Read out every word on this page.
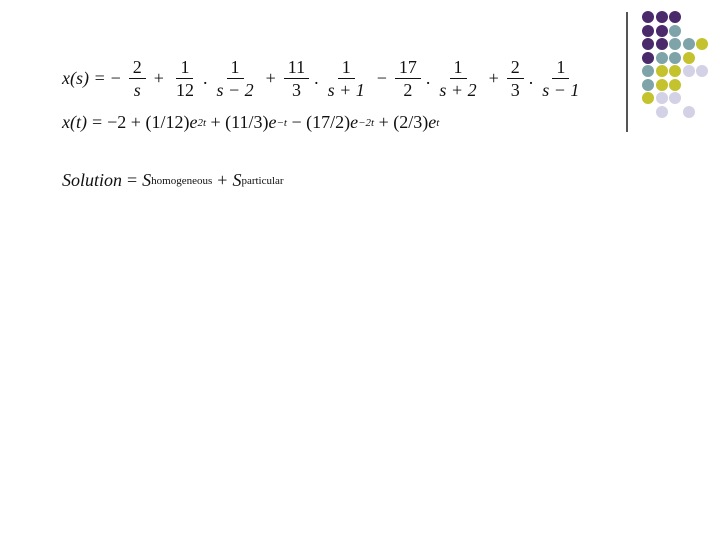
x(s) = − $\frac{2}{s} + \frac{1}{12}$ . $\frac{1}{s - 2} + \frac{11}{3}$ . $\frac{1}{s + 1} - \frac{17}{2}$ . $\frac{1}{s + 2} + \frac{2}{3}$ . $\frac{1}{s - 1}$
x(t) = −2
+ (1/12) e 2t
+ (11/3) e −t
− (17/2) e −2t
+ (2/3) e t
Solution = S homogeneous + S particular
